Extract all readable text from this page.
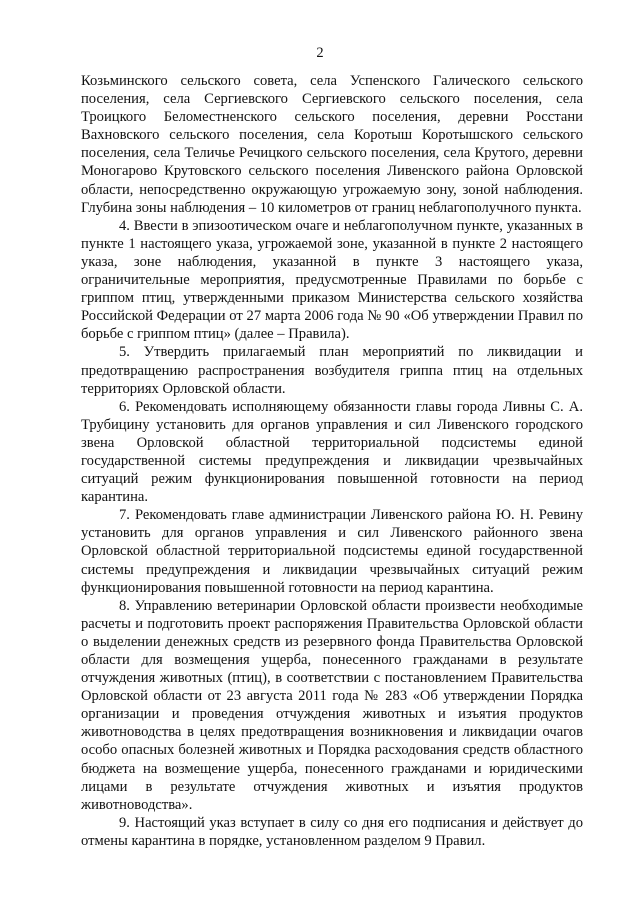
2

Козьминского сельского совета, села Успенского Галического сельского поселения, села Сергиевского Сергиевского сельского поселения, села Троицкого Беломестненского сельского поселения, деревни Росстани Вахновского сельского поселения, села Коротыш Коротышского сельского поселения, села Теличье Речицкого сельского поселения, села Крутого, деревни Моногарово Крутовского сельского поселения Ливенского района Орловской области, непосредственно окружающую угрожаемую зону, зоной наблюдения. Глубина зоны наблюдения – 10 километров от границ неблагополучного пункта.

4. Ввести в эпизоотическом очаге и неблагополучном пункте, указанных в пункте 1 настоящего указа, угрожаемой зоне, указанной в пункте 2 настоящего указа, зоне наблюдения, указанной в пункте 3 настоящего указа, ограничительные мероприятия, предусмотренные Правилами по борьбе с гриппом птиц, утвержденными приказом Министерства сельского хозяйства Российской Федерации от 27 марта 2006 года № 90 «Об утверждении Правил по борьбе с гриппом птиц» (далее – Правила).

5. Утвердить прилагаемый план мероприятий по ликвидации и предотвращению распространения возбудителя гриппа птиц на отдельных территориях Орловской области.

6. Рекомендовать исполняющему обязанности главы города Ливны С. А. Трубицину установить для органов управления и сил Ливенского городского звена Орловской областной территориальной подсистемы единой государственной системы предупреждения и ликвидации чрезвычайных ситуаций режим функционирования повышенной готовности на период карантина.

7. Рекомендовать главе администрации Ливенского района Ю. Н. Ревину установить для органов управления и сил Ливенского районного звена Орловской областной территориальной подсистемы единой государственной системы предупреждения и ликвидации чрезвычайных ситуаций режим функционирования повышенной готовности на период карантина.

8. Управлению ветеринарии Орловской области произвести необходимые расчеты и подготовить проект распоряжения Правительства Орловской области о выделении денежных средств из резервного фонда Правительства Орловской области для возмещения ущерба, понесенного гражданами в результате отчуждения животных (птиц), в соответствии с постановлением Правительства Орловской области от 23 августа 2011 года № 283 «Об утверждении Порядка организации и проведения отчуждения животных и изъятия продуктов животноводства в целях предотвращения возникновения и ликвидации очагов особо опасных болезней животных и Порядка расходования средств областного бюджета на возмещение ущерба, понесенного гражданами и юридическими лицами в результате отчуждения животных и изъятия продуктов животноводства».

9. Настоящий указ вступает в силу со дня его подписания и действует до отмены карантина в порядке, установленном разделом 9 Правил.
